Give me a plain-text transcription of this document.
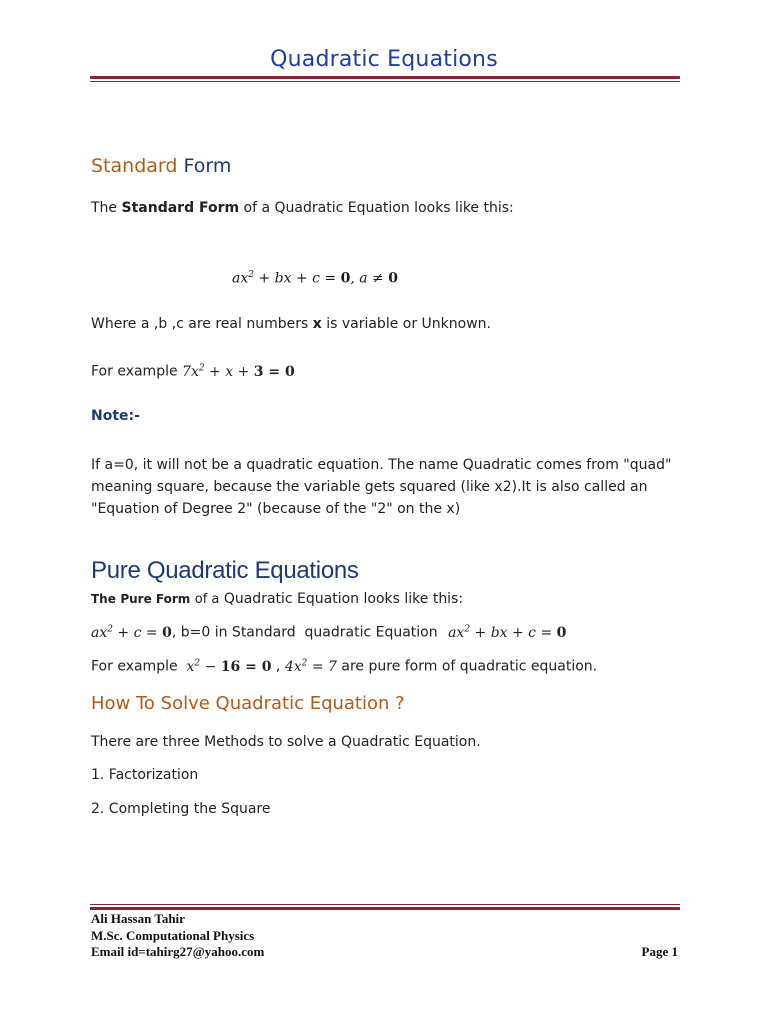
Quadratic Equations
Standard Form
The Standard Form of a Quadratic Equation looks like this:
$ax^2$ + bx + c = 0, a ≠ 0
Where a ,b ,c are real numbers x is variable or Unknown.
For example $7x^2 + x + 3 = 0$
Note:-
If a=0, it will not be a quadratic equation. The name Quadratic comes from "quad" meaning square, because the variable gets squared (like x2).It is also called an "Equation of Degree 2" (because of the "2" on the x)
Pure Quadratic Equations
The Pure Form of a Quadratic Equation looks like this:
$ax^2 + c = 0$, b=0 in Standard  quadratic Equation $ax^2$ + bx + c = 0
For example $x^2 - 16 = 0$ , $4x^2 = 7$ are pure form of quadratic equation.
How To Solve Quadratic Equation ?
There are three Methods to solve a Quadratic Equation.
1. Factorization
2. Completing the Square
Ali Hassan Tahir
M.Sc. Computational Physics
Email id=tahirg27@yahoo.com	Page 1
